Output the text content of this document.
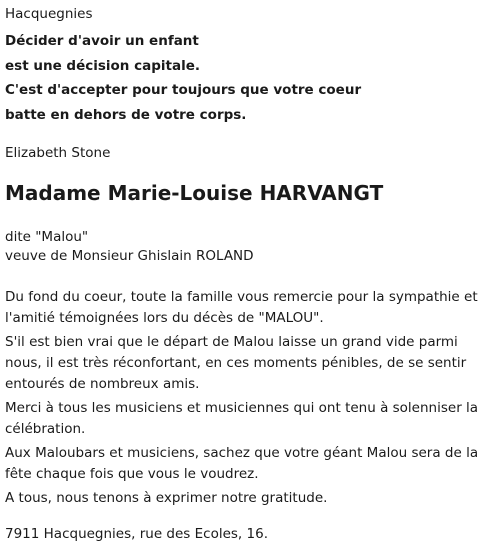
Hacquegnies
Décider d'avoir un enfant
est une décision capitale.
C'est d'accepter pour toujours que votre coeur
batte en dehors de votre corps.
Elizabeth Stone
Madame Marie-Louise HARVANGT
dite "Malou"
veuve de Monsieur Ghislain ROLAND

Du fond du coeur, toute la famille vous remercie pour la sympathie et l'amitié témoignées lors du décès de "MALOU".

S'il est bien vrai que le départ de Malou laisse un grand vide parmi nous, il est très réconfortant, en ces moments pénibles, de se sentir entourés de nombreux amis.

Merci à tous les musiciens et musiciennes qui ont tenu à solenniser la célébration.

Aux Maloubars et musiciens, sachez que votre géant Malou sera de la fête chaque fois que vous le voudrez.

A tous, nous tenons à exprimer notre gratitude.

7911 Hacquegnies, rue des Ecoles, 16.
